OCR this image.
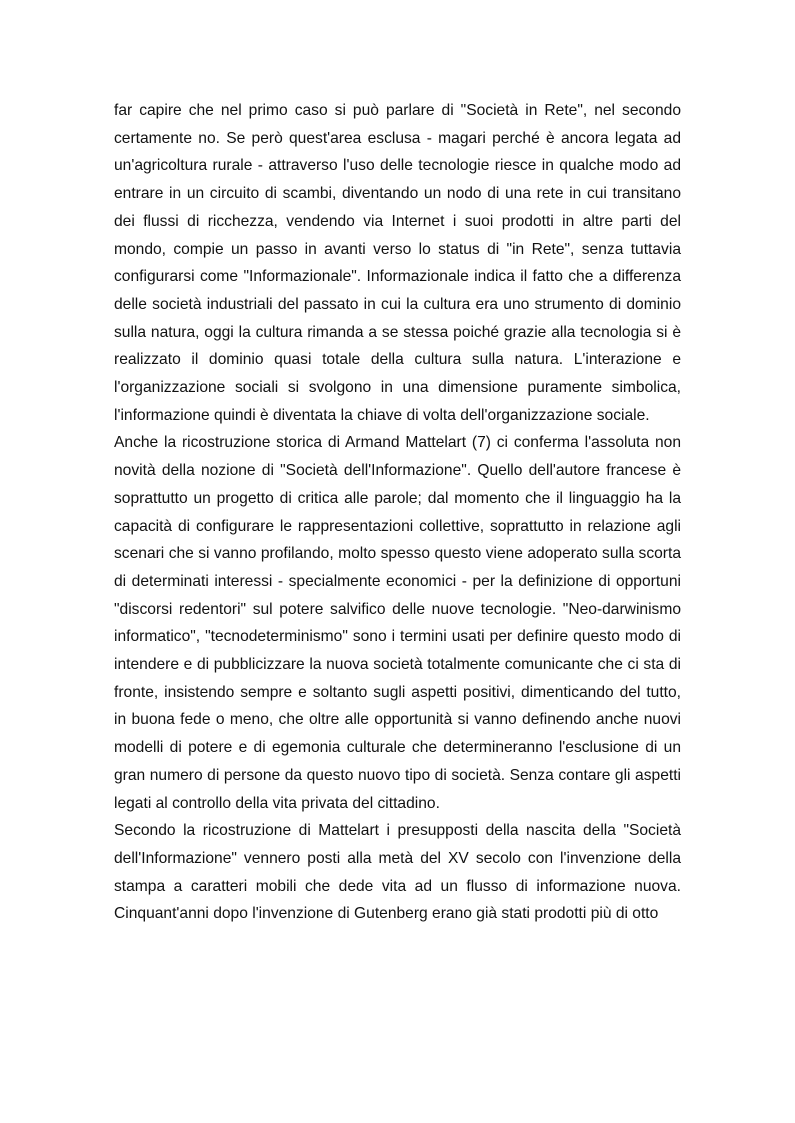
far capire che nel primo caso si può parlare di "Società in Rete", nel secondo certamente no. Se però quest'area esclusa - magari perché è ancora legata ad un'agricoltura rurale - attraverso l'uso delle tecnologie riesce in qualche modo ad entrare in un circuito di scambi, diventando un nodo di una rete in cui transitano dei flussi di ricchezza, vendendo via Internet i suoi prodotti in altre parti del mondo, compie un passo in avanti verso lo status di "in Rete", senza tuttavia configurarsi come "Informazionale". Informazionale indica il fatto che a differenza delle società industriali del passato in cui la cultura era uno strumento di dominio sulla natura, oggi la cultura rimanda a se stessa poiché grazie alla tecnologia si è realizzato il dominio quasi totale della cultura sulla natura. L'interazione e l'organizzazione sociali si svolgono in una dimensione puramente simbolica, l'informazione quindi è diventata la chiave di volta dell'organizzazione sociale.

Anche la ricostruzione storica di Armand Mattelart (7) ci conferma l'assoluta non novità della nozione di "Società dell'Informazione". Quello dell'autore francese è soprattutto un progetto di critica alle parole; dal momento che il linguaggio ha la capacità di configurare le rappresentazioni collettive, soprattutto in relazione agli scenari che si vanno profilando, molto spesso questo viene adoperato sulla scorta di determinati interessi - specialmente economici - per la definizione di opportuni "discorsi redentori" sul potere salvifico delle nuove tecnologie. "Neo-darwinismo informatico", "tecnodeterminismo" sono i termini usati per definire questo modo di intendere e di pubblicizzare la nuova società totalmente comunicante che ci sta di fronte, insistendo sempre e soltanto sugli aspetti positivi, dimenticando del tutto, in buona fede o meno, che oltre alle opportunità si vanno definendo anche nuovi modelli di potere e di egemonia culturale che determineranno l'esclusione di un gran numero di persone da questo nuovo tipo di società. Senza contare gli aspetti legati al controllo della vita privata del cittadino.

Secondo la ricostruzione di Mattelart i presupposti della nascita della "Società dell'Informazione" vennero posti alla metà del XV secolo con l'invenzione della stampa a caratteri mobili che dede vita ad un flusso di informazione nuova. Cinquant'anni dopo l'invenzione di Gutenberg erano già stati prodotti più di otto
